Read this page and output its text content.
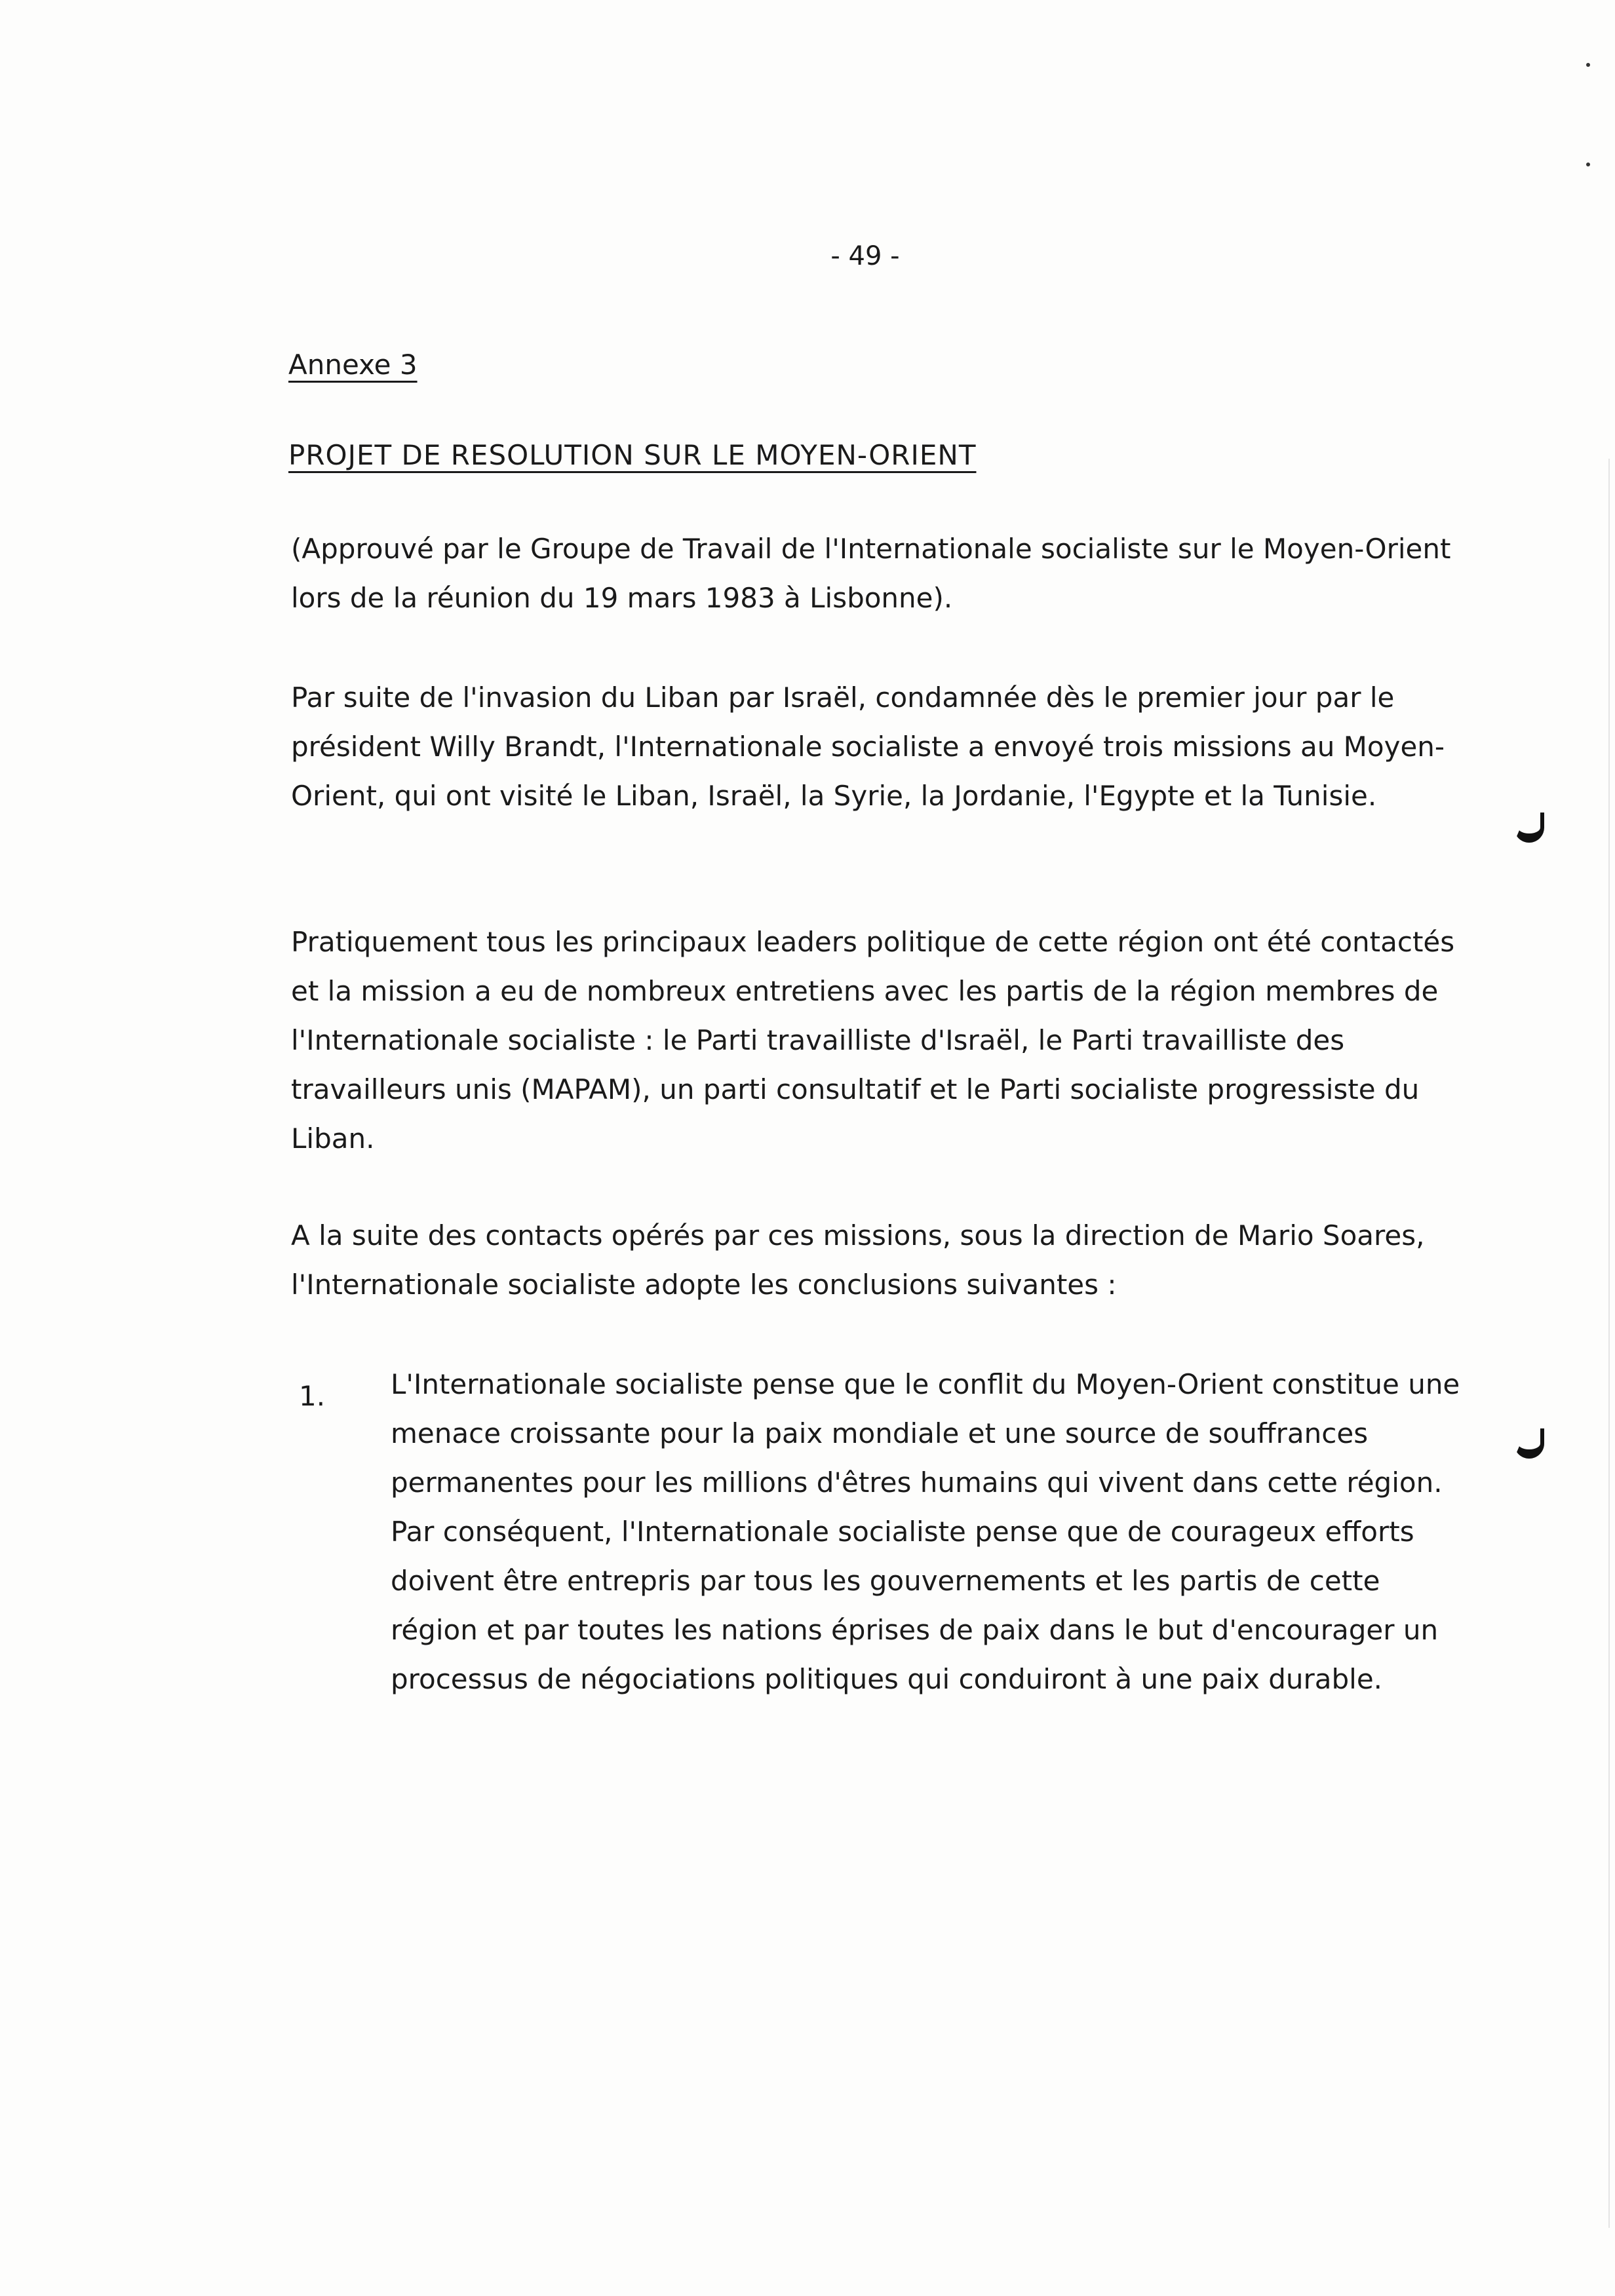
- 49 -
Annexe 3
PROJET DE RESOLUTION SUR LE MOYEN-ORIENT

(Approuvé par le Groupe de Travail de l'Internationale socialiste sur le Moyen-Orient lors de la réunion du 19 mars 1983 à Lisbonne).

Par suite de l'invasion du Liban par Israël, condamnée dès le premier jour par le président Willy Brandt, l'Internationale socialiste a envoyé trois missions au Moyen-Orient, qui ont visité le Liban, Israël, la Syrie, la Jordanie, l'Egypte et la Tunisie.

Pratiquement tous les principaux leaders politique de cette région ont été contactés et la mission a eu de nombreux entretiens avec les partis de la région membres de l'Internationale socialiste : le Parti travailliste d'Israël, le Parti travailliste des travailleurs unis (MAPAM), un parti consultatif et le Parti socialiste progressiste du Liban.

A la suite des contacts opérés par ces missions, sous la direction de Mario Soares, l'Internationale socialiste adopte les conclusions suivantes :

1. L'Internationale socialiste pense que le conflit du Moyen-Orient constitue une menace croissante pour la paix mondiale et une source de souffrances permanentes pour les millions d'êtres humains qui vivent dans cette région. Par conséquent, l'Internationale socialiste pense que de courageux efforts doivent être entrepris par tous les gouvernements et les partis de cette région et par toutes les nations éprises de paix dans le but d'encourager un processus de négociations politiques qui conduiront à une paix durable.
